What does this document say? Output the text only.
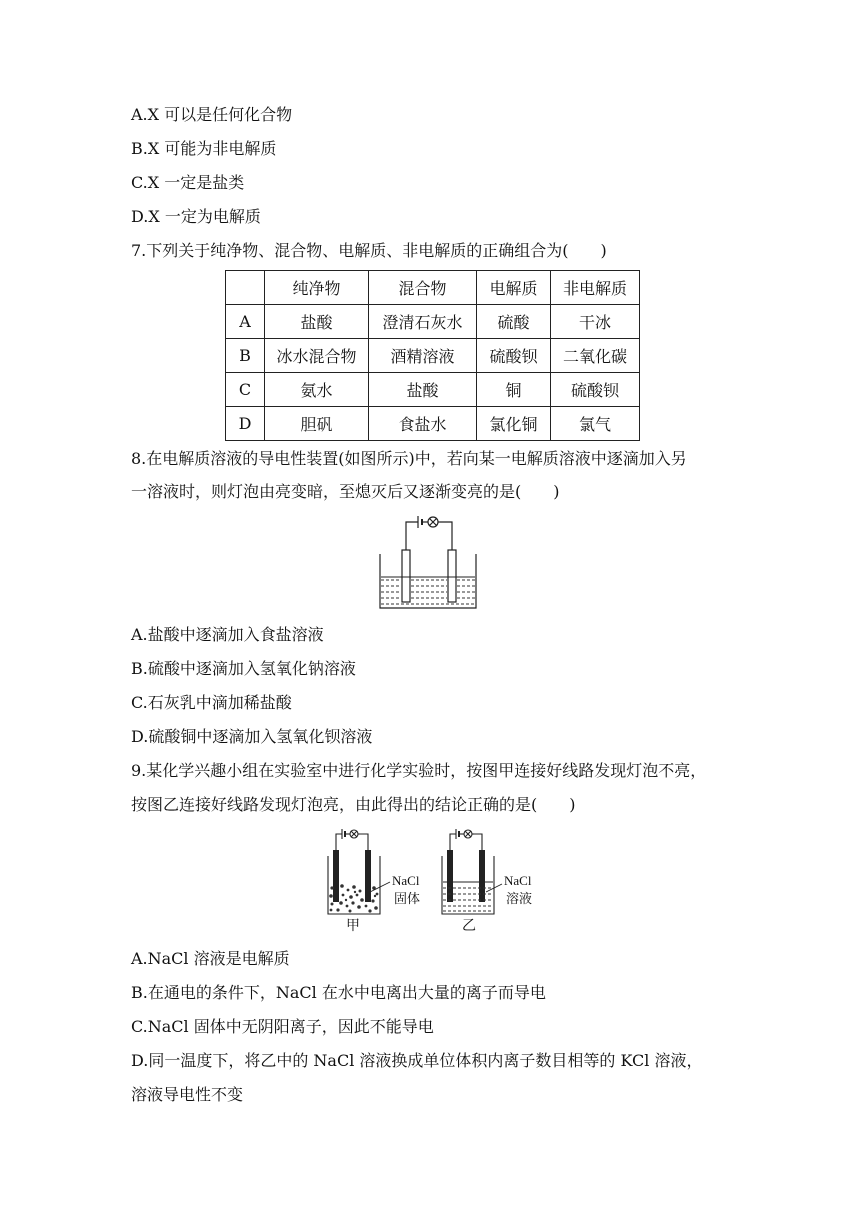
A.X 可以是任何化合物
B.X 可能为非电解质
C.X 一定是盐类
D.X 一定为电解质
7.下列关于纯净物、混合物、电解质、非电解质的正确组合为(　　)
	纯净物	混合物	电解质	非电解质
A	盐酸	澄清石灰水	硫酸	干冰
B	冰水混合物	酒精溶液	硫酸钡	二氧化碳
C	氨水	盐酸	铜	硫酸钡
D	胆矾	食盐水	氯化铜	氯气
8.在电解质溶液的导电性装置(如图所示)中，若向某一电解质溶液中逐滴加入另
一溶液时，则灯泡由亮变暗，至熄灭后又逐渐变亮的是(　　)
A.盐酸中逐滴加入食盐溶液
B.硫酸中逐滴加入氢氧化钠溶液
C.石灰乳中滴加稀盐酸
D.硫酸铜中逐滴加入氢氧化钡溶液
9.某化学兴趣小组在实验室中进行化学实验时，按图甲连接好线路发现灯泡不亮，
按图乙连接好线路发现灯泡亮，由此得出的结论正确的是(　　)
NaCl
固体
甲
NaCl
溶液
乙
A.NaCl 溶液是电解质
B.在通电的条件下，NaCl 在水中电离出大量的离子而导电
C.NaCl 固体中无阴阳离子，因此不能导电
D.同一温度下，将乙中的 NaCl 溶液换成单位体积内离子数目相等的 KCl 溶液，
溶液导电性不变
